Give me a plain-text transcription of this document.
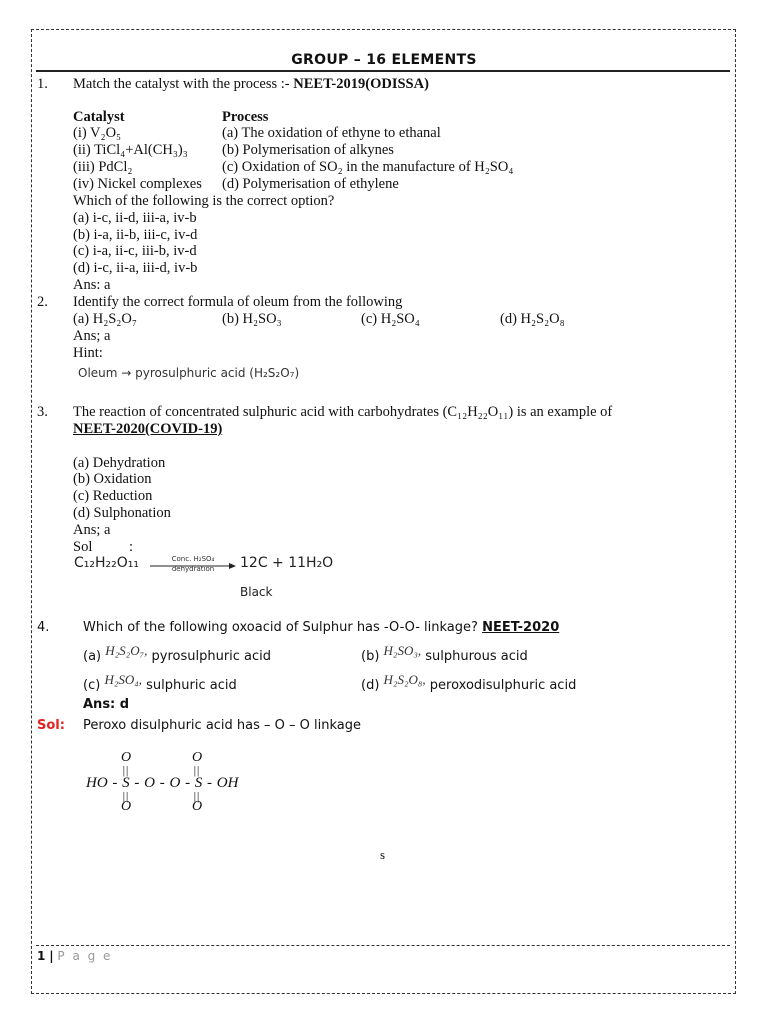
GROUP – 16 ELEMENTS
1. Match the catalyst with the process :- NEET-2019(ODISSA)
Catalyst	Process
(i) V₂O₅	(a) The oxidation of ethyne to ethanal
(ii) TiCl₄+Al(CH₃)₃ (b) Polymerisation of alkynes
(iii) PdCl₂	(c) Oxidation of SO₂ in the manufacture of H₂SO₄
(iv) Nickel complexes (d) Polymerisation of ethylene
Which of the following is the correct option?
(a) i-c, ii-d, iii-a, iv-b
(b) i-a, ii-b, iii-c, iv-d
(c) i-a, ii-c, iii-b, iv-d
(d) i-c, ii-a, iii-d, iv-b
Ans: a
2. Identify the correct formula of oleum from the following
(a) H₂S₂O₇	(b) H₂SO₃	(c) H₂SO₄	(d) H₂S₂O₈
Ans; a
Hint:
Oleum → pyrosulphuric acid (H₂S₂O₇)
3. The reaction of concentrated sulphuric acid with carbohydrates (C₁₂H₂₂O₁₁) is an example of
NEET-2020(COVID-19)
(a) Dehydration
(b) Oxidation
(c) Reduction
(d) Sulphonation
Ans; a
Sol	:
C₁₂H₂₂O₁₁	Conc. H₂SO₄
dehydration	12C + 11H₂O
Black
4.	Which of the following oxoacid of Sulphur has -O-O- linkage? NEET-2020
(a) H₂S₂O₇, pyrosulphuric acid	(b) H₂SO₃, sulphurous acid
(c) H₂SO₄, sulphuric acid	(d) H₂S₂O₈, peroxodisulphuric acid
Ans: d
Sol: Peroxo disulphuric acid has – O – O linkage
O	O
||	||
HO - S - O - O - S - OH
||	||
O	O
s
1 | P a g e
